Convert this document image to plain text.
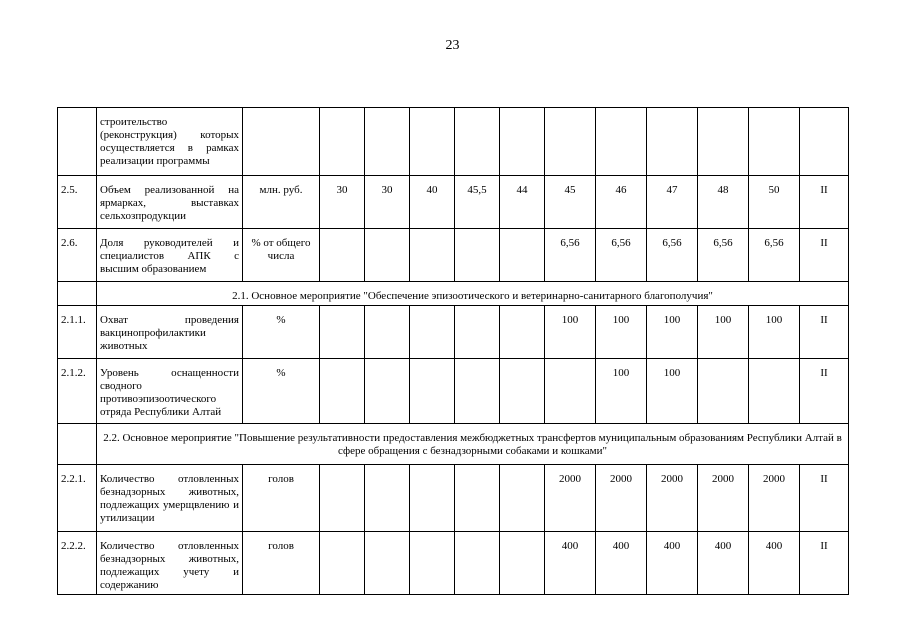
23
	строительство (реконструкция) которых осуществляется в рамках реализации программы												
2.5.	Объем реализованной на ярмарках, выставках сельхозпродукции	млн. руб.	30	30	40	45,5	44	45	46	47	48	50	II
2.6.	Доля руководителей и специалистов АПК с высшим образованием	% от общего числа						6,56	6,56	6,56	6,56	6,56	II
	2.1. Основное мероприятие "Обеспечение эпизоотического и ветеринарно-санитарного благополучия"												
2.1.1.	Охват проведения вакцинопрофилактики животных	%						100	100	100	100	100	II
2.1.2.	Уровень оснащенности сводного противоэпизоотического отряда Республики Алтай	%							100	100			II
	2.2. Основное мероприятие "Повышение результативности предоставления межбюджетных трансфертов муниципальным образованиям Республики Алтай в сфере обращения с безнадзорными собаками и кошками"												
2.2.1.	Количество отловленных безнадзорных животных, подлежащих умерщвлению и утилизации	голов						2000	2000	2000	2000	2000	II
2.2.2.	Количество отловленных безнадзорных животных, подлежащих учету и содержанию	голов						400	400	400	400	400	II
